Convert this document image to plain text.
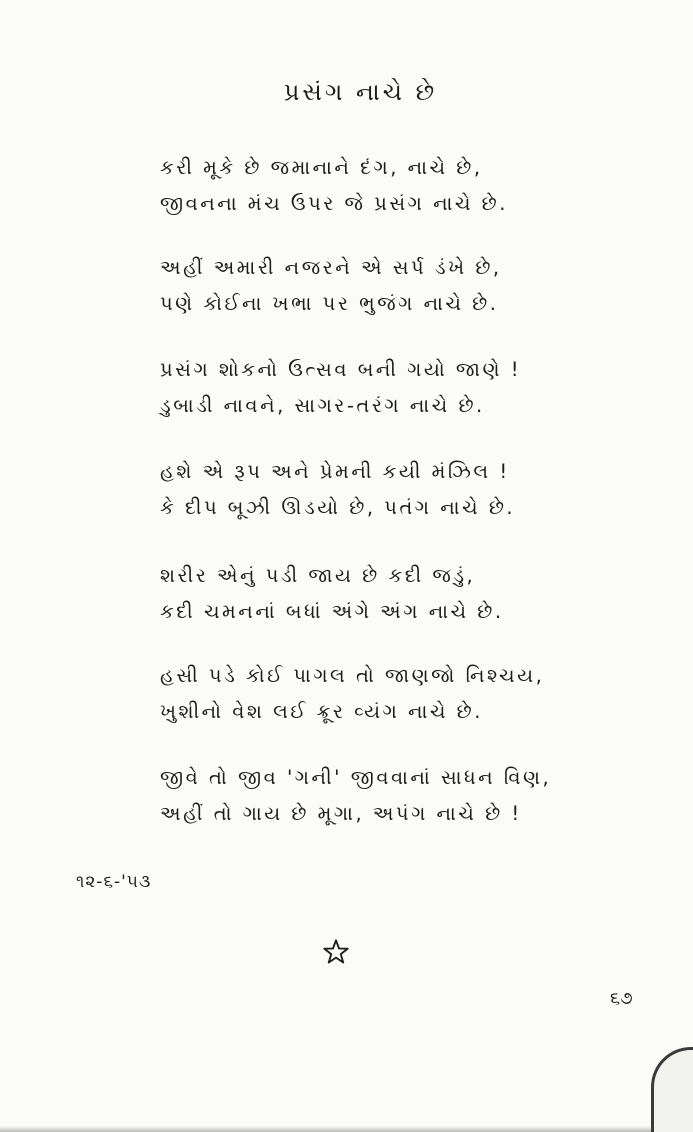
પ્રસંગ નાચે છે
કરી મૂકે છે જમાનાને દંગ, નાચે છે,
જીવનના મંચ ઉપર જે પ્રસંગ નાચે છે.
અહીં અમારી નજરને એ સર્પ ડંખે છે,
પણે કોઈના ખભા પર ભુજંગ નાચે છે.
પ્રસંગ શોકનો ઉત્સવ બની ગયો જાણે !
ડુબાડી નાવને, સાગર-તરંગ નાચે છે.
હશે એ રૂપ અને પ્રેમની કયી મંઝિલ !
કે દીપ બૂઝી ઊડયો છે, પતંગ નાચે છે.
શરીર એનું પડી જાય છે કદી જડું,
કદી ચમનનાં બધાં અંગે અંગ નાચે છે.
હસી પડે કોઈ પાગલ તો જાણજો નિશ્ચય,
ખુશીનો વેશ લઈ ક્રૂર વ્યંગ નાચે છે.
જીવે તો જીવ 'ગની' જીવવાનાં સાધન વિણ,
અહીં તો ગાય છે મૂગા, અપંગ નાચે છે !
૧૨-૬-'૫૩
૬૭
